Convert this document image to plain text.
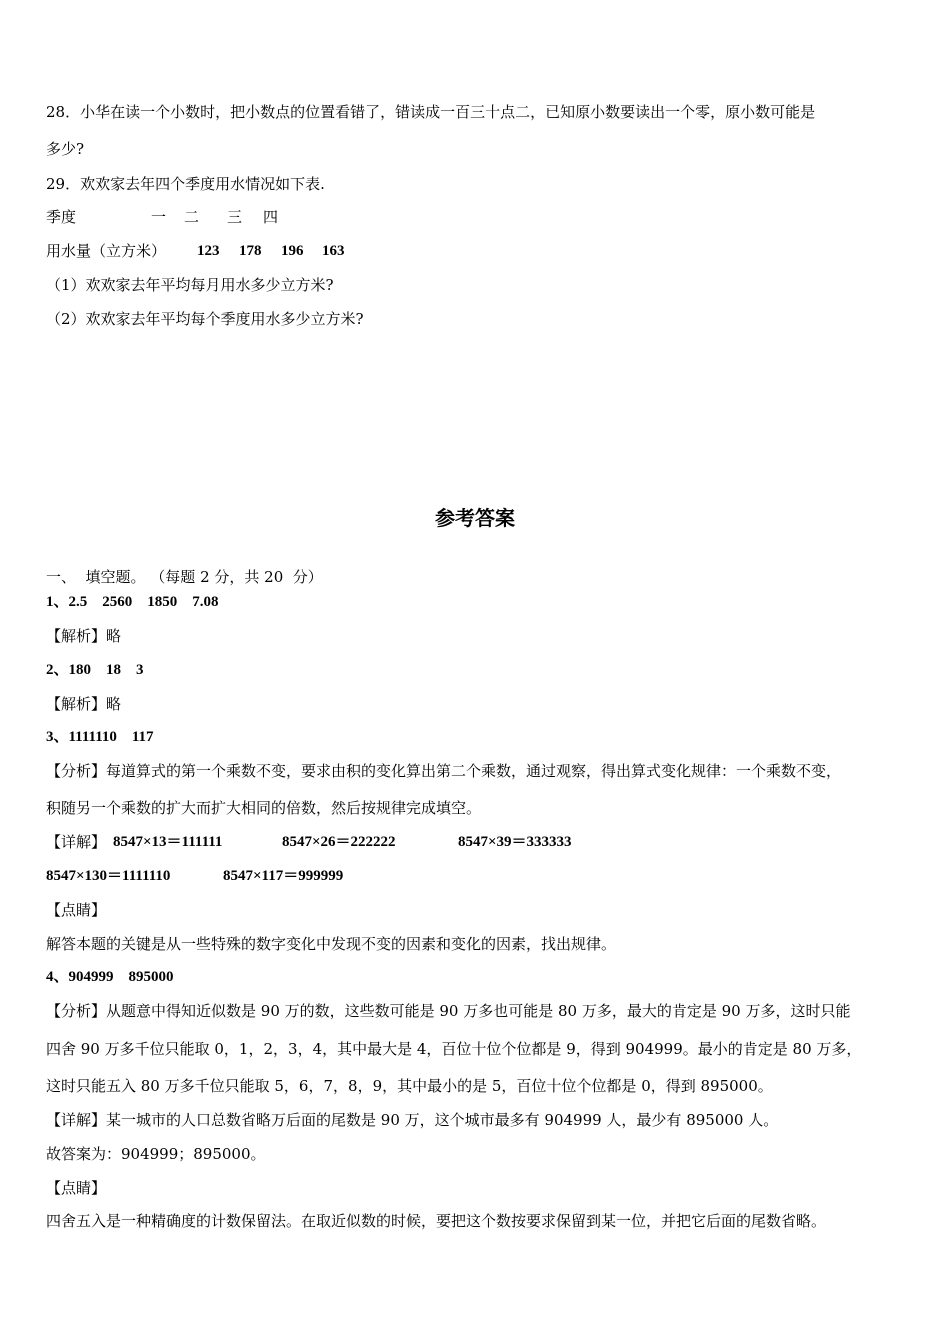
28．小华在读一个小数时，把小数点的位置看错了，错读成一百三十点二，已知原小数要读出一个零，原小数可能是
多少?
29．欢欢家去年四个季度用水情况如下表.
季度	一 二 三 四
用水量（立方米） 123 178 196 163
（1）欢欢家去年平均每月用水多少立方米?
（2）欢欢家去年平均每个季度用水多少立方米?
参考答案
一、  填空题。 （每题 2 分，共 20  分）
1、2.5    2560    1850    7.08
【解析】略
2、180    18    3
【解析】略
3、1111110    117
【分析】每道算式的第一个乘数不变，要求由积的变化算出第二个乘数，通过观察，得出算式变化规律：一个乘数不变，
积随另一个乘数的扩大而扩大相同的倍数，然后按规律完成填空。
【详解】 8547×13＝111111	8547×26＝222222	8547×39＝333333
8547×130＝1111110	8547×117＝999999
【点睛】
解答本题的关键是从一些特殊的数字变化中发现不变的因素和变化的因素，找出规律。
4、904999    895000
【分析】从题意中得知近似数是 90 万的数，这些数可能是 90 万多也可能是 80 万多，最大的肯定是 90 万多，这时只能
四舍 90 万多千位只能取 0，1，2，3，4，其中最大是 4，百位十位个位都是 9，得到 904999。最小的肯定是 80 万多，
这时只能五入 80 万多千位只能取 5，6，7，8，9，其中最小的是 5，百位十位个位都是 0，得到 895000。
【详解】某一城市的人口总数省略万后面的尾数是 90 万，这个城市最多有 904999 人，最少有 895000 人。
故答案为：904999；895000。
【点睛】
四舍五入是一种精确度的计数保留法。在取近似数的时候，要把这个数按要求保留到某一位，并把它后面的尾数省略。
